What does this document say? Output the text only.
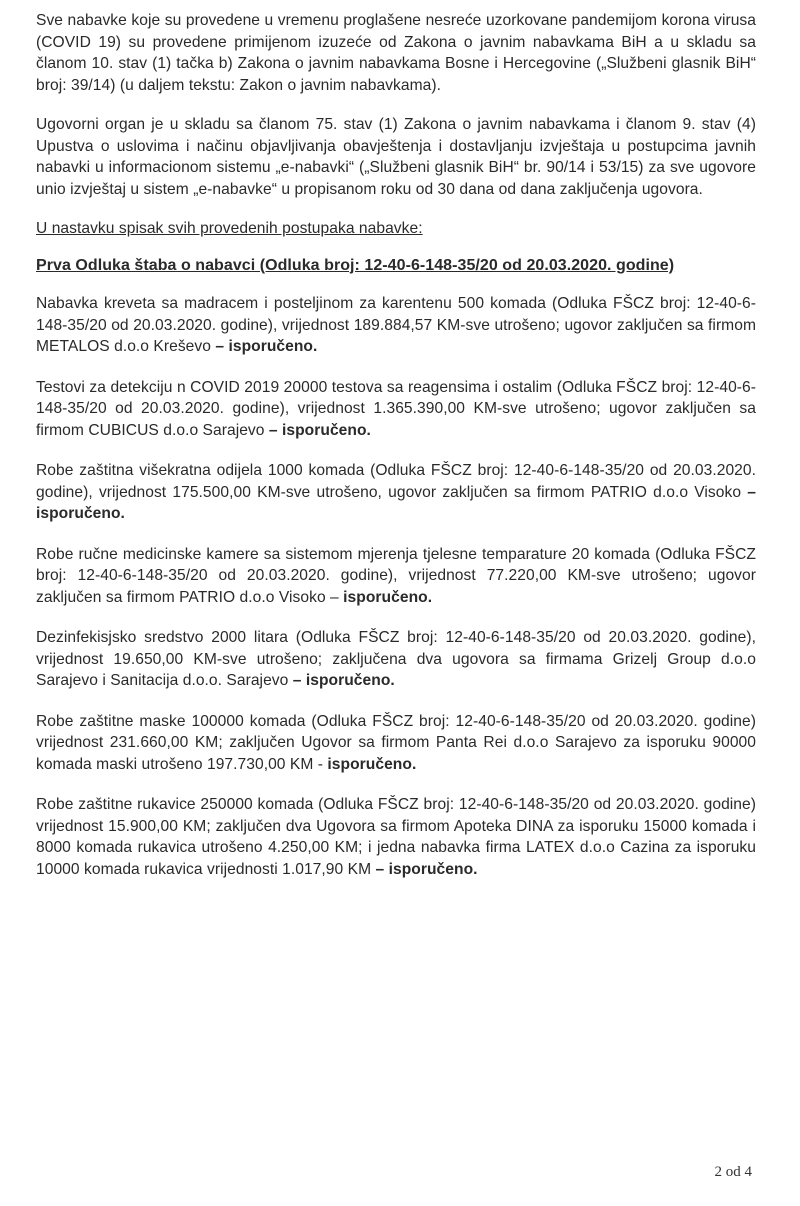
Sve nabavke koje su provedene u vremenu proglašene nesreće uzorkovane pandemijom korona virusa (COVID 19) su provedene primijenom izuzeće od Zakona o javnim nabavkama BiH a u skladu sa članom 10. stav (1) tačka b) Zakona o javnim nabavkama Bosne i Hercegovine („Službeni glasnik BiH“ broj: 39/14) (u daljem tekstu: Zakon o javnim nabavkama).

Ugovorni organ je u skladu sa članom 75. stav (1) Zakona o javnim nabavkama i članom 9. stav (4) Upustva o uslovima i načinu objavljivanja obavještenja i dostavljanju izvještaja u postupcima javnih nabavki u informacionom sistemu „e-nabavki“ („Službeni glasnik BiH“ br. 90/14 i 53/15) za sve ugovore unio izvještaj u sistem „e-nabavke“ u propisanom roku od 30 dana od dana zaključenja ugovora.

U nastavku spisak svih provedenih postupaka nabavke:

Prva Odluka štaba o nabavci (Odluka broj: 12-40-6-148-35/20 od 20.03.2020. godine)

Nabavka kreveta sa madracem i posteljinom za karentenu 500 komada (Odluka FŠCZ broj: 12-40-6-148-35/20 od 20.03.2020. godine), vrijednost 189.884,57 KM-sve utrošeno; ugovor zaključen sa firmom METALOS d.o.o Kreševo – isporučeno.

Testovi za detekciju n COVID 2019 20000 testova sa reagensima i ostalim (Odluka FŠCZ broj: 12-40-6-148-35/20 od 20.03.2020. godine), vrijednost 1.365.390,00 KM-sve utrošeno; ugovor zaključen sa firmom CUBICUS d.o.o Sarajevo – isporučeno.

Robe zaštitna višekratna odijela 1000 komada (Odluka FŠCZ broj: 12-40-6-148-35/20 od 20.03.2020. godine), vrijednost 175.500,00 KM-sve utrošeno, ugovor zaključen sa firmom PATRIO d.o.o Visoko – isporučeno.

Robe ručne medicinske kamere sa sistemom mjerenja tjelesne temparature 20 komada (Odluka FŠCZ broj: 12-40-6-148-35/20 od 20.03.2020. godine), vrijednost 77.220,00 KM-sve utrošeno; ugovor zaključen sa firmom PATRIO d.o.o Visoko – isporučeno.

Dezinfekisjsko sredstvo 2000 litara (Odluka FŠCZ broj: 12-40-6-148-35/20 od 20.03.2020. godine), vrijednost 19.650,00 KM-sve utrošeno; zaključena dva ugovora sa firmama Grizelj Group d.o.o Sarajevo i Sanitacija d.o.o. Sarajevo – isporučeno.

Robe zaštitne maske 100000 komada (Odluka FŠCZ broj: 12-40-6-148-35/20 od 20.03.2020. godine) vrijednost 231.660,00 KM; zaključen Ugovor sa firmom Panta Rei d.o.o Sarajevo za isporuku 90000 komada maski utrošeno 197.730,00 KM - isporučeno.

Robe zaštitne rukavice 250000 komada (Odluka FŠCZ broj: 12-40-6-148-35/20 od 20.03.2020. godine) vrijednost 15.900,00 KM; zaključen dva Ugovora sa firmom Apoteka DINA za isporuku 15000 komada i 8000 komada rukavica utrošeno 4.250,00 KM; i jedna nabavka firma LATEX d.o.o Cazina za isporuku 10000 komada rukavica vrijednosti 1.017,90 KM – isporučeno.

2 od 4
